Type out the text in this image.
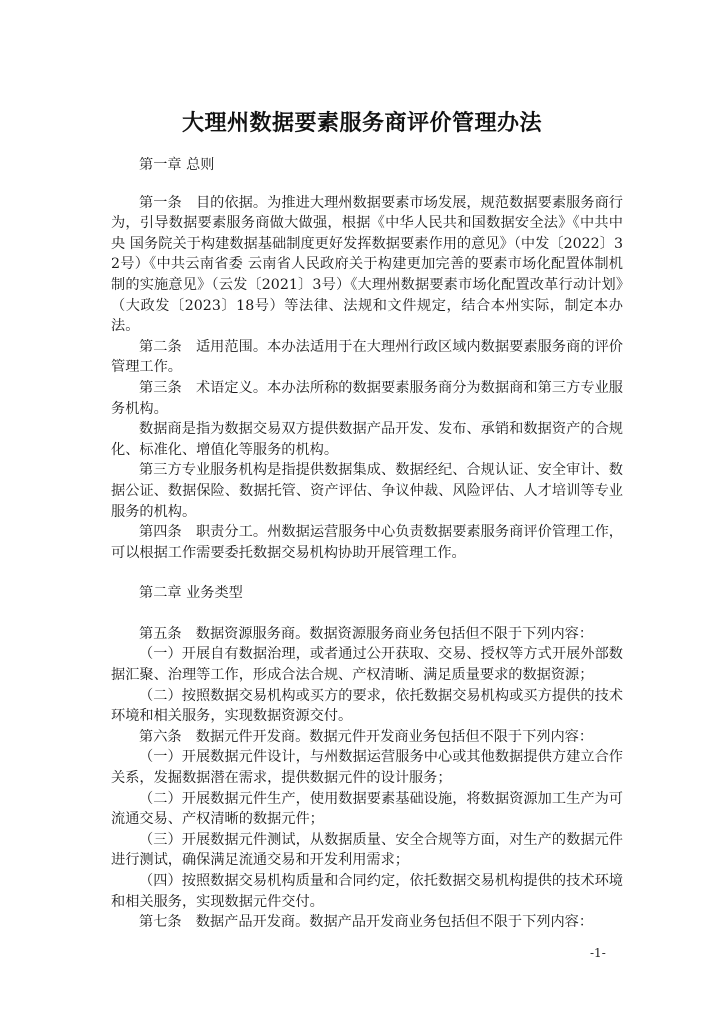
大理州数据要素服务商评价管理办法

第一章 总则

第一条　目的依据。为推进大理州数据要素市场发展，规范数据要素服务商行为，引导数据要素服务商做大做强，根据《中华人民共和国数据安全法》《中共中央 国务院关于构建数据基础制度更好发挥数据要素作用的意见》（中发〔2022〕32号）《中共云南省委 云南省人民政府关于构建更加完善的要素市场化配置体制机制的实施意见》（云发〔2021〕3号）《大理州数据要素市场化配置改革行动计划》（大政发〔2023〕18号）等法律、法规和文件规定，结合本州实际，制定本办法。

第二条　适用范围。本办法适用于在大理州行政区域内数据要素服务商的评价管理工作。

第三条　术语定义。本办法所称的数据要素服务商分为数据商和第三方专业服务机构。

数据商是指为数据交易双方提供数据产品开发、发布、承销和数据资产的合规化、标准化、增值化等服务的机构。

第三方专业服务机构是指提供数据集成、数据经纪、合规认证、安全审计、数据公证、数据保险、数据托管、资产评估、争议仲裁、风险评估、人才培训等专业服务的机构。

第四条　职责分工。州数据运营服务中心负责数据要素服务商评价管理工作，可以根据工作需要委托数据交易机构协助开展管理工作。

第二章 业务类型

第五条　数据资源服务商。数据资源服务商业务包括但不限于下列内容：

（一）开展自有数据治理，或者通过公开获取、交易、授权等方式开展外部数据汇聚、治理等工作，形成合法合规、产权清晰、满足质量要求的数据资源；

（二）按照数据交易机构或买方的要求，依托数据交易机构或买方提供的技术环境和相关服务，实现数据资源交付。

第六条　数据元件开发商。数据元件开发商业务包括但不限于下列内容：

（一）开展数据元件设计，与州数据运营服务中心或其他数据提供方建立合作关系，发掘数据潜在需求，提供数据元件的设计服务；

（二）开展数据元件生产，使用数据要素基础设施，将数据资源加工生产为可流通交易、产权清晰的数据元件；

（三）开展数据元件测试，从数据质量、安全合规等方面，对生产的数据元件进行测试，确保满足流通交易和开发利用需求；

（四）按照数据交易机构质量和合同约定，依托数据交易机构提供的技术环境和相关服务，实现数据元件交付。

第七条　数据产品开发商。数据产品开发商业务包括但不限于下列内容：

-1-
